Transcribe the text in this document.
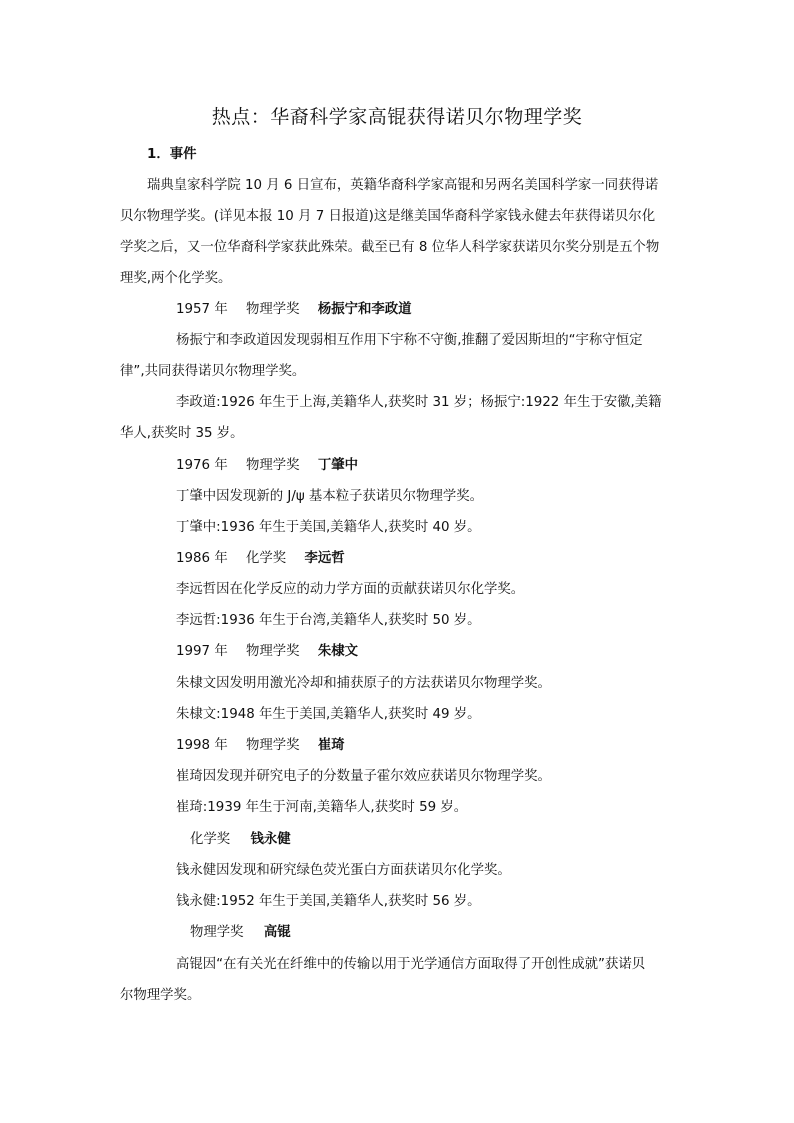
热点：华裔科学家高锟获得诺贝尔物理学奖
1．事件
瑞典皇家科学院 10 月 6 日宣布，英籍华裔科学家高锟和另两名美国科学家一同获得诺
贝尔物理学奖。(详见本报 10 月 7 日报道)这是继美国华裔科学家钱永健去年获得诺贝尔化
学奖之后，又一位华裔科学家获此殊荣。截至已有 8 位华人科学家获诺贝尔奖分别是五个物
理奖,两个化学奖。
1957 年 物理学奖 杨振宁和李政道
杨振宁和李政道因发现弱相互作用下宇称不守衡,推翻了爱因斯坦的“宇称守恒定
律”,共同获得诺贝尔物理学奖。
李政道:1926 年生于上海,美籍华人,获奖时 31 岁；杨振宁:1922 年生于安徽,美籍
华人,获奖时 35 岁。
1976 年 物理学奖 丁肇中
丁肇中因发现新的 J/ψ 基本粒子获诺贝尔物理学奖。
丁肇中:1936 年生于美国,美籍华人,获奖时 40 岁。
1986 年 化学奖 李远哲
李远哲因在化学反应的动力学方面的贡献获诺贝尔化学奖。
李远哲:1936 年生于台湾,美籍华人,获奖时 50 岁。
1997 年 物理学奖 朱棣文
朱棣文因发明用激光冷却和捕获原子的方法获诺贝尔物理学奖。
朱棣文:1948 年生于美国,美籍华人,获奖时 49 岁。
1998 年 物理学奖 崔琦
崔琦因发现并研究电子的分数量子霍尔效应获诺贝尔物理学奖。
崔琦:1939 年生于河南,美籍华人,获奖时 59 岁。
化学奖 钱永健
钱永健因发现和研究绿色荧光蛋白方面获诺贝尔化学奖。
钱永健:1952 年生于美国,美籍华人,获奖时 56 岁。
物理学奖 高锟
高锟因“在有关光在纤维中的传输以用于光学通信方面取得了开创性成就”获诺贝
尔物理学奖。
